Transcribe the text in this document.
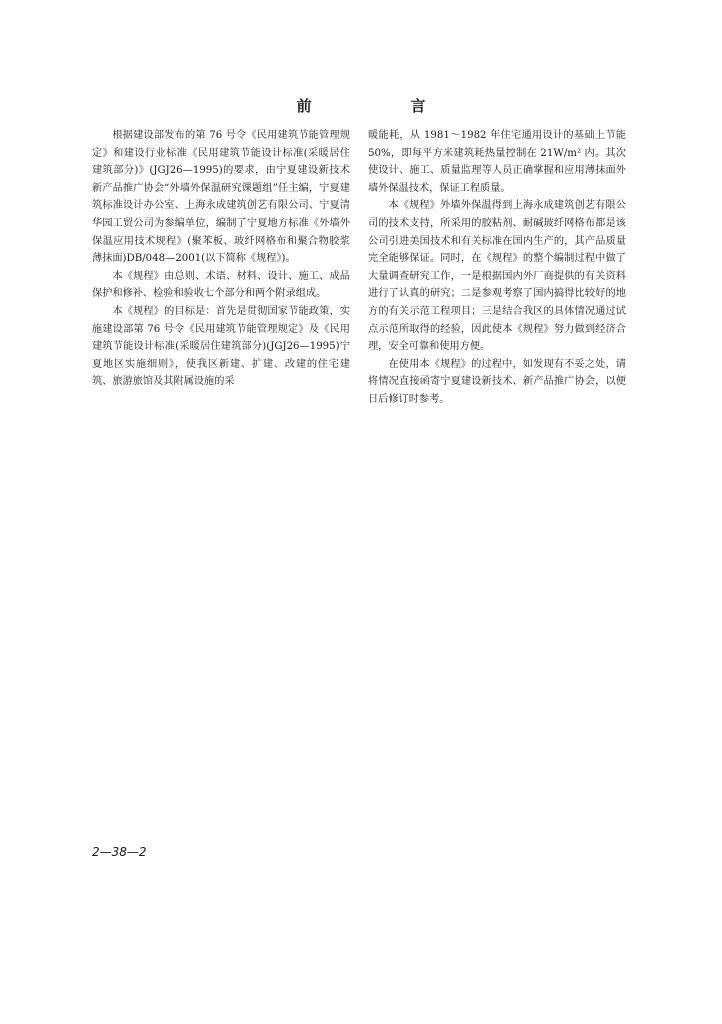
前　言

根据建设部发布的第 76 号令《民用建筑节能管理规定》和建设行业标准《民用建筑节能设计标准(采暖居住建筑部分)》(JGJ26—1995)的要求，由宁夏建设新技术新产品推广协会“外墙外保温研究课题组”任主编，宁夏建筑标准设计办公室、上海永成建筑创艺有限公司、宁夏清华园工贸公司为参编单位，编制了宁夏地方标准《外墙外保温应用技术规程》(聚苯板、玻纤网格布和聚合物胶浆薄抹面)DB/048—2001(以下简称《规程》)。

本《规程》由总则、术语、材料、设计、施工、成品保护和修补、检验和验收七个部分和两个附录组成。

本《规程》的目标是：首先是贯彻国家节能政策，实施建设部第 76 号令《民用建筑节能管理规定》及《民用建筑节能设计标准(采暖居住建筑部分)(JGJ26—1995)宁夏地区实施细则》，使我区新建、扩建、改建的住宅建筑、旅游旅馆及其附属设施的采

暖能耗，从 1981～1982 年住宅通用设计的基础上节能 50%，即每平方米建筑耗热量控制在 21W/m² 内。其次使设计、施工、质量监理等人员正确掌握和应用薄抹面外墙外保温技术，保证工程质量。

本《规程》外墙外保温得到上海永成建筑创艺有限公司的技术支持，所采用的胶粘剂、耐碱玻纤网格布都是该公司引进美国技术和有关标准在国内生产的，其产品质量完全能够保证。同时，在《规程》的整个编制过程中做了大量调查研究工作，一是根据国内外厂商提供的有关资料进行了认真的研究；二是参观考察了国内搞得比较好的地方的有关示范工程项目；三是结合我区的具体情况通过试点示范所取得的经验，因此使本《规程》努力做到经济合理，安全可靠和使用方便。

在使用本《规程》的过程中，如发现有不妥之处，请将情况直接函寄宁夏建设新技术、新产品推广协会，以便日后修订时参考。

2—38—2
